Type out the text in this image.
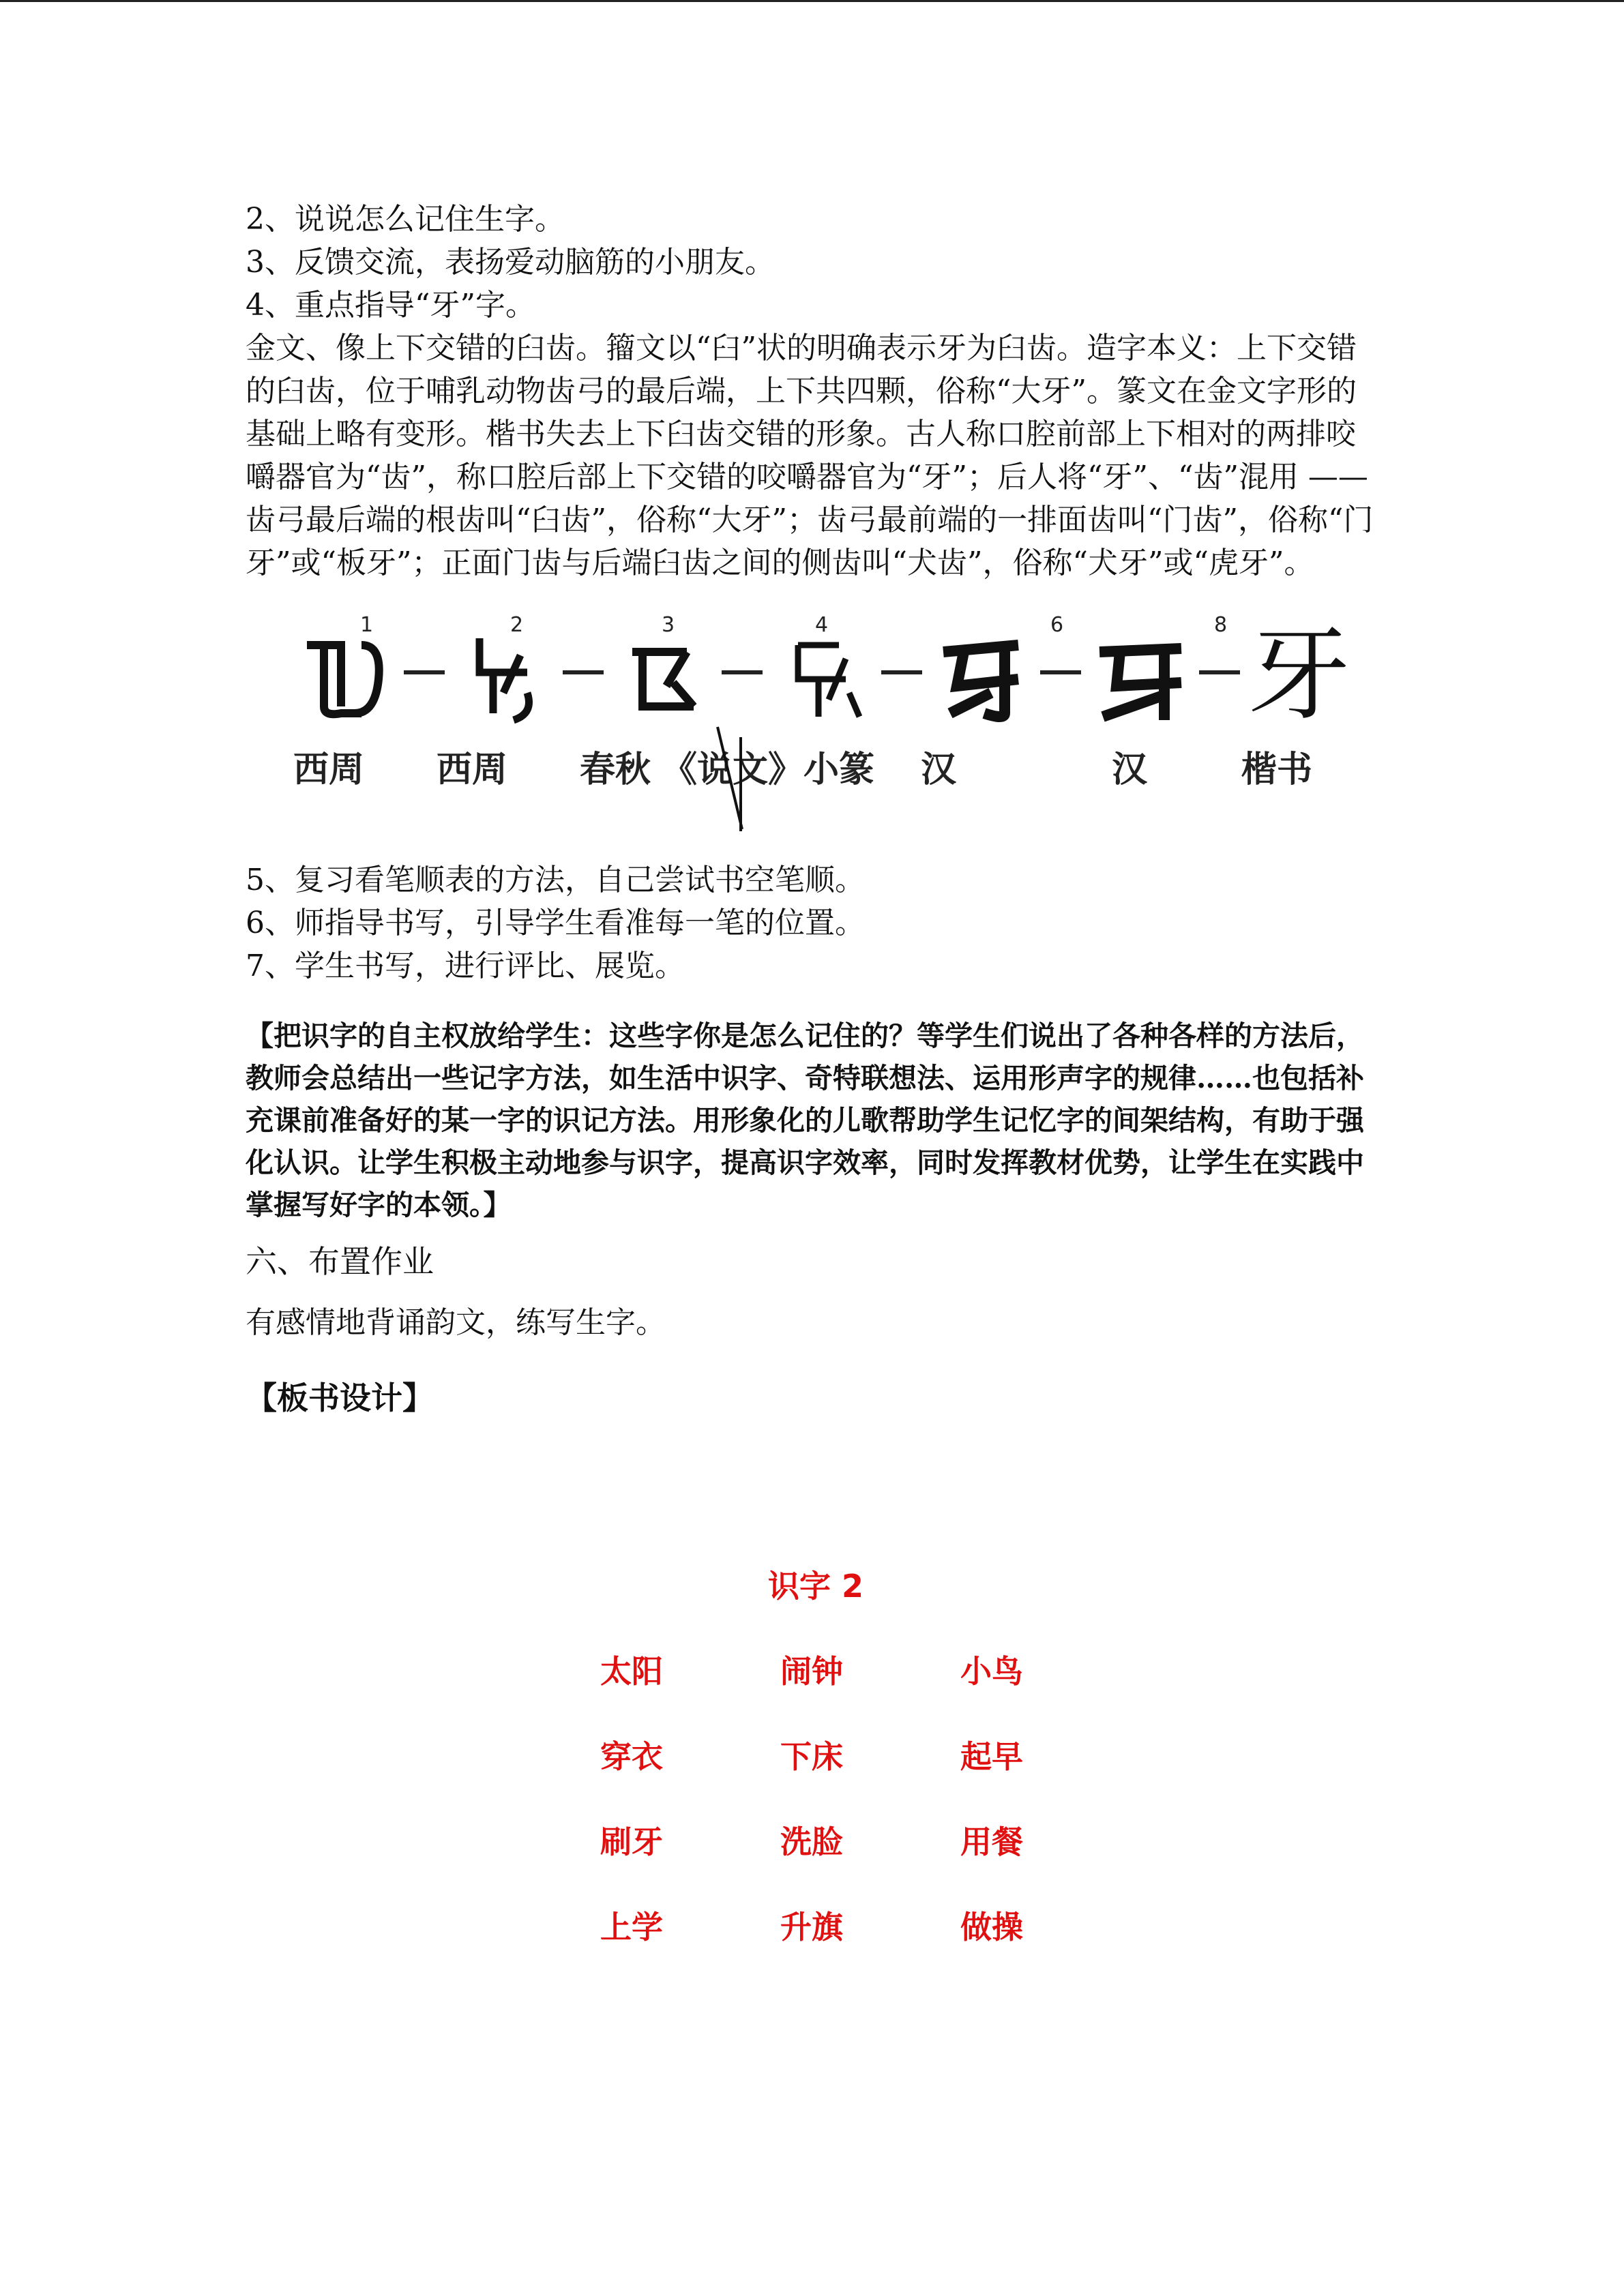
2、说说怎么记住生字。

3、反馈交流，表扬爱动脑筋的小朋友。

4、重点指导“牙”字。

金文、像上下交错的臼齿。籀文以“臼”状的明确表示牙为臼齿。造字本义：上下交错的臼齿，位于哺乳动物齿弓的最后端，上下共四颗，俗称“大牙”。篆文在金文字形的基础上略有变形。楷书失去上下臼齿交错的形象。古人称口腔前部上下相对的两排咬嚼器官为“齿”，称口腔后部上下交错的咬嚼器官为“牙”；后人将“牙”、“齿”混用 ——齿弓最后端的根齿叫“臼齿”，俗称“大牙”；齿弓最前端的一排面齿叫“门齿”，俗称“门牙”或“板牙”；正面门齿与后端臼齿之间的侧齿叫“犬齿”，俗称“犬牙”或“虎牙”。

牙
1	2	3	4	6	8
西周 西周 春秋 《说文》小篆 汉	汉	楷书

5、复习看笔顺表的方法，自己尝试书空笔顺。

6、师指导书写，引导学生看准每一笔的位置。

7、学生书写，进行评比、展览。

【把识字的自主权放给学生：这些字你是怎么记住的？等学生们说出了各种各样的方法后，教师会总结出一些记字方法，如生活中识字、奇特联想法、运用形声字的规律……也包括补充课前准备好的某一字的识记方法。用形象化的儿歌帮助学生记忆字的间架结构，有助于强化认识。让学生积极主动地参与识字，提高识字效率，同时发挥教材优势，让学生在实践中掌握写好字的本领。】

六、布置作业

有感情地背诵韵文，练写生字。

【板书设计】

识字 2
太阳	闹钟	小鸟
穿衣	下床	起早
刷牙	洗脸	用餐
上学	升旗	做操
